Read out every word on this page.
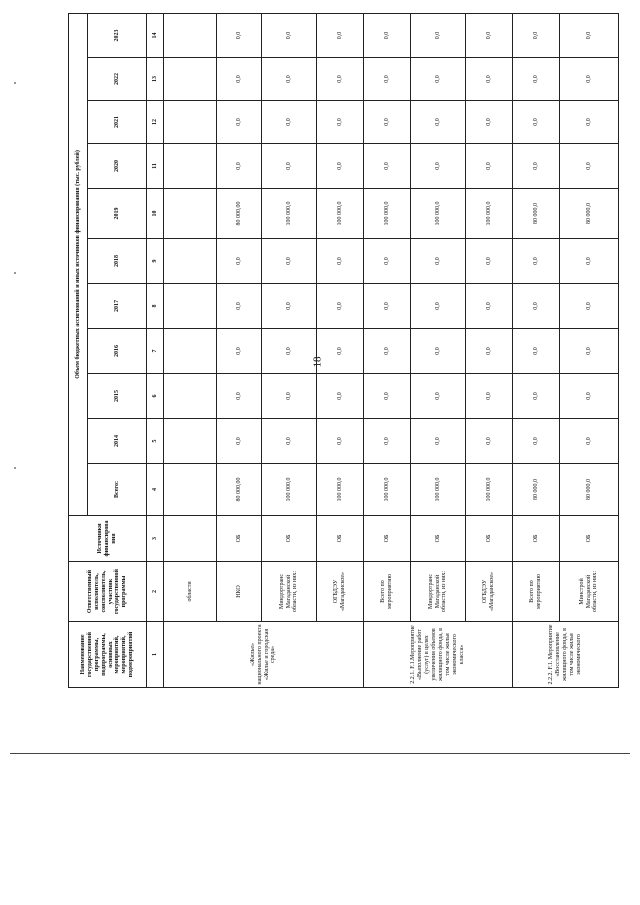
18
Наименование государственной программы, подпрограммы, основных мероприятий, мероприятий, подмероприятий	Ответственный исполнитель, соисполнитель, участник государственной программы	Источники финансирова ния	Объем бюджетных ассигнований и иных источников финансирования (тыс. рублей)										
			Всего:	2014	2015	2016	2017	2018	2019	2020	2021	2022	2023
1	2	3	4	5	6	7	8	9	10	11	12	13	14
«Жилье» национального проекта «Жилье и городская среда»	области												
	НКО	ОБ	80 000,00	0,0	0,0	0,0	0,0	0,0	80 000,00	0,0	0,0	0,0	0,0
	Миндортранс Магаданской области, из них:	ОБ	100 000,0	0,0	0,0	0,0	0,0	0,0	100 000,0	0,0	0,0	0,0	0,0
	ОГБДЭУ «Магаданское»	ОБ	100 000,0	0,0	0,0	0,0	0,0	0,0	100 000,0	0,0	0,0	0,0	0,0
2.2.1. F.1.Мероприятие «Выполнение работ (услуг) в целях увеличения объемов жилищного фонда, в том числе жилья экономического класса»	Всего по мероприятию	ОБ	100 000,0	0,0	0,0	0,0	0,0	0,0	100 000,0	0,0	0,0	0,0	0,0
	Миндортранс Магаданской области, из них:	ОБ	100 000,0	0,0	0,0	0,0	0,0	0,0	100 000,0	0,0	0,0	0,0	0,0
	ОГБДЭУ «Магаданское»	ОБ	100 000,0	0,0	0,0	0,0	0,0	0,0	100 000,0	0,0	0,0	0,0	0,0
2.2.2. F.1. Мероприятие «Восстановление жилищного фонда, в том числе жилья экономического	Всего по мероприятию	ОБ	80 000,0	0,0	0,0	0,0	0,0	0,0	80 000,0	0,0	0,0	0,0	0,0
	Минстрой Магаданской области, из них:	ОБ	80 000,0	0,0	0,0	0,0	0,0	0,0	80 000,0	0,0	0,0	0,0	0,0
